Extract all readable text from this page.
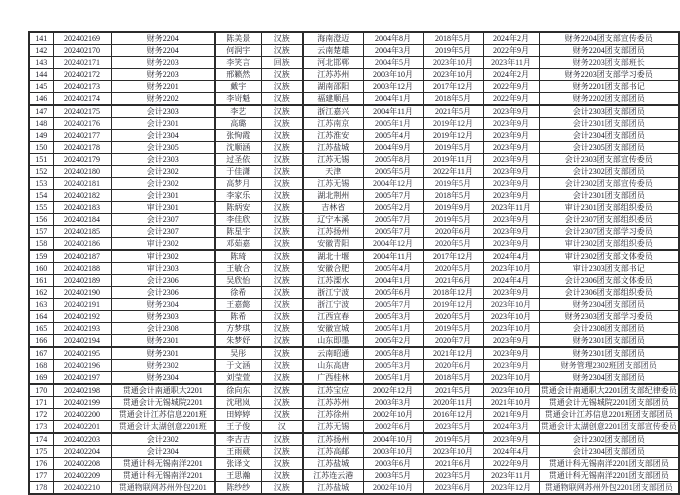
141	202402169	财务2204	陈美景	汉族	海南澄迈	2004年8月	2018年5月	2024年2月	财务2204团支部宣传委员
142	202402170	财务2204	何润宇	汉族	云南楚雄	2004年3月	2019年5月	2022年9月	财务2204团支部团员
143	202402171	财务2203	李笑言	回族	河北邯郸	2004年5月	2023年10月	2023年11月	财务2203团支部班长
144	202402172	财务2203	邢籁然	汉族	江苏苏州	2003年10月	2023年10月	2024年2月	财务2203团支部学习委员
145	202402173	财务2201	戴宇	汉族	湖南邵阳	2003年12月	2017年12月	2022年9月	财务2201团支部书记
146	202402174	财务2202	李岢魁	汉族	福建顺昌	2004年1月	2018年5月	2022年9月	财务2202团支部团员
147	202402175	会计2303	李艺	汉族	浙江嘉兴	2004年11月	2021年5月	2023年9月	会计2303团支部团员
148	202402176	会计2301	高璐	汉族	江苏南京	2005年1月	2019年12月	2023年9月	会计2301团支部团员
149	202402177	会计2304	张恂霞	汉族	江苏淮安	2005年4月	2019年12月	2023年9月	会计2304团支部团员
150	202402178	会计2305	沈顺涵	汉族	江苏盐城	2004年9月	2019年5月	2023年9月	会计2305团支部团员
151	202402179	会计2303	过圣依	汉族	江苏无锡	2005年8月	2019年11月	2023年9月	会计2303团支部宣传委员
152	202402180	会计2302	于佳潇	汉族	天津	2005年5月	2022年11月	2023年9月	会计2302团支部团员
153	202402181	会计2302	高梦月	汉族	江苏无锡	2004年12月	2019年5月	2023年9月	会计2302团支部宣传委员
154	202402182	会计2301	李家乐	汉族	湖北荆州	2005年7月	2018年5月	2023年9月	会计2301团支部团员
155	202402183	审计2301	陈炳安	汉族	吉林省	2005年2月	2019年9月	2023年11月	审计2301团支部组织委员
156	202402184	会计2307	李佳欣	汉族	辽宁本溪	2005年7月	2019年5月	2023年9月	会计2307团支部组织委员
157	202402185	会计2307	陈星宇	汉族	江苏扬州	2005年7月	2020年6月	2023年9月	会计2307团支部学习委员
158	202402186	审计2302	邓茹嘉	汉族	安徽青阳	2004年12月	2020年5月	2023年9月	审计2302团支部组织委员
159	202402187	审计2302	陈琦	汉族	湖北十堰	2004年11月	2017年12月	2024年4月	审计2302团支部文体委员
160	202402188	审计2303	王敏合	汉族	安徽合肥	2005年4月	2020年5月	2023年10月	审计2303团支部书记
161	202402189	会计2306	吴欣怡	汉族	江苏溧水	2004年1月	2021年6月	2024年4月	会计2306团支部文体委员
162	202402190	会计2306	徐希	汉族	浙江宁波	2005年6月	2018年12月	2023年9月	会计2306团支部组织委员
163	202402191	财务2304	王嘉懿	汉族	浙江宁波	2005年7月	2019年12月	2023年10月	财务2304团支部团员
164	202402192	财务2303	陈希	汉族	江西宜春	2005年3月	2020年5月	2023年10月	财务2303团支部学习委员
165	202402193	会计2308	方梦琪	汉族	安徽宣城	2005年1月	2019年5月	2023年10月	会计2308团支部团员
166	202402194	财务2301	朱梦妤	汉族	山东即墨	2005年2月	2020年7月	2023年9月	财务2301团支部团员
167	202402195	财务2301	吴彤	汉族	云南昭通	2005年8月	2021年12月	2023年9月	财务2301团支部团员
168	202402196	财务2302	于文涵	汉族	山东高唐	2005年3月	2020年6月	2023年9月	财务管理2302班团支部团员
169	202402197	财务2304	刘莹萱	汉族	广西桂林	2005年1月	2018年5月	2023年10月	财务2304团支部团员
170	202402198	贯通会计南通职大2201	徐向东	汉族	江苏宝应	2002年12月	2021年5月	2023年10月	贯通会计南通职大2201团支部纪律委员
171	202402199	贯通会计无锡城院2201	沈珺岚	汉族	江苏苏州	2003年3月	2020年11月	2021年10月	贯通会计无锡城院2201团支部团员
172	202402200	贯通会计江苏信息2201班	田婷婷	汉族	江苏徐州	2002年10月	2016年12月	2021年9月	贯通会计江苏信息2201班团支部团员
173	202402201	贯通会计太湖创意2201班	王子俊	汉	江苏无锡	2002年6月	2023年5月	2024年3月	贯通会计太湖创意2201团支部宣传委员
174	202402203	会计2302	李吉吉	汉族	江苏扬州	2004年10月	2019年5月	2023年9月	会计2302团支部团员
175	202402204	会计2304	王雨葳	汉族	江苏高邮	2003年10月	2023年10月	2024年4月	会计2304团支部团员
176	202402208	贯通计科无锡南洋2201	张译文	汉族	江苏盐城	2003年6月	2021年6月	2022年9月	贯通计科无锡南洋2201团支部团员
177	202402209	贯通计科无锡南洋2201	王思瀚	汉族	江苏连云港	2003年5月	2023年5月	2023年11月	贯通计科无锡南洋2201团支部团员
178	202402210	贯通物联网苏州外包2201	陈纱纱	汉族	江苏盐城	2002年10月	2023年6月	2023年12月	贯通物联网苏州外包2201团支部团员
